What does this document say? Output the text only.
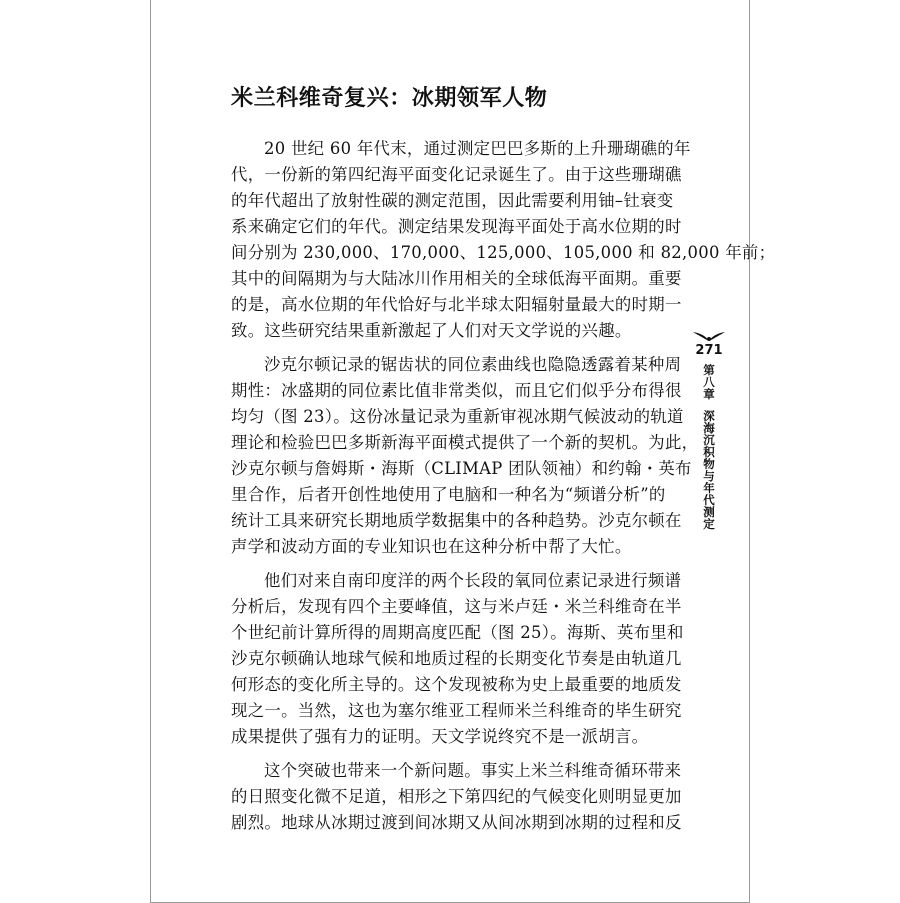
米兰科维奇复兴：冰期领军人物
20 世纪 60 年代末，通过测定巴巴多斯的上升珊瑚礁的年
代，一份新的第四纪海平面变化记录诞生了。由于这些珊瑚礁
的年代超出了放射性碳的测定范围，因此需要利用铀–钍衰变
系来确定它们的年代。测定结果发现海平面处于高水位期的时
间分别为 230,000、170,000、125,000、105,000 和 82,000 年前；
其中的间隔期为与大陆冰川作用相关的全球低海平面期。重要
的是，高水位期的年代恰好与北半球太阳辐射量最大的时期一
致。这些研究结果重新激起了人们对天文学说的兴趣。
沙克尔顿记录的锯齿状的同位素曲线也隐隐透露着某种周
期性：冰盛期的同位素比值非常类似，而且它们似乎分布得很
均匀（图 23）。这份冰量记录为重新审视冰期气候波动的轨道
理论和检验巴巴多斯新海平面模式提供了一个新的契机。为此，
沙克尔顿与詹姆斯・海斯（CLIMAP 团队领袖）和约翰・英布
里合作，后者开创性地使用了电脑和一种名为“频谱分析”的
统计工具来研究长期地质学数据集中的各种趋势。沙克尔顿在
声学和波动方面的专业知识也在这种分析中帮了大忙。
他们对来自南印度洋的两个长段的氧同位素记录进行频谱
分析后，发现有四个主要峰值，这与米卢廷・米兰科维奇在半
个世纪前计算所得的周期高度匹配（图 25）。海斯、英布里和
沙克尔顿确认地球气候和地质过程的长期变化节奏是由轨道几
何形态的变化所主导的。这个发现被称为史上最重要的地质发
现之一。当然，这也为塞尔维亚工程师米兰科维奇的毕生研究
成果提供了强有力的证明。天文学说终究不是一派胡言。
这个突破也带来一个新问题。事实上米兰科维奇循环带来
的日照变化微不足道，相形之下第四纪的气候变化则明显更加
剧烈。地球从冰期过渡到间冰期又从间冰期到冰期的过程和反
271
第八章深海沉积物与年代测定
